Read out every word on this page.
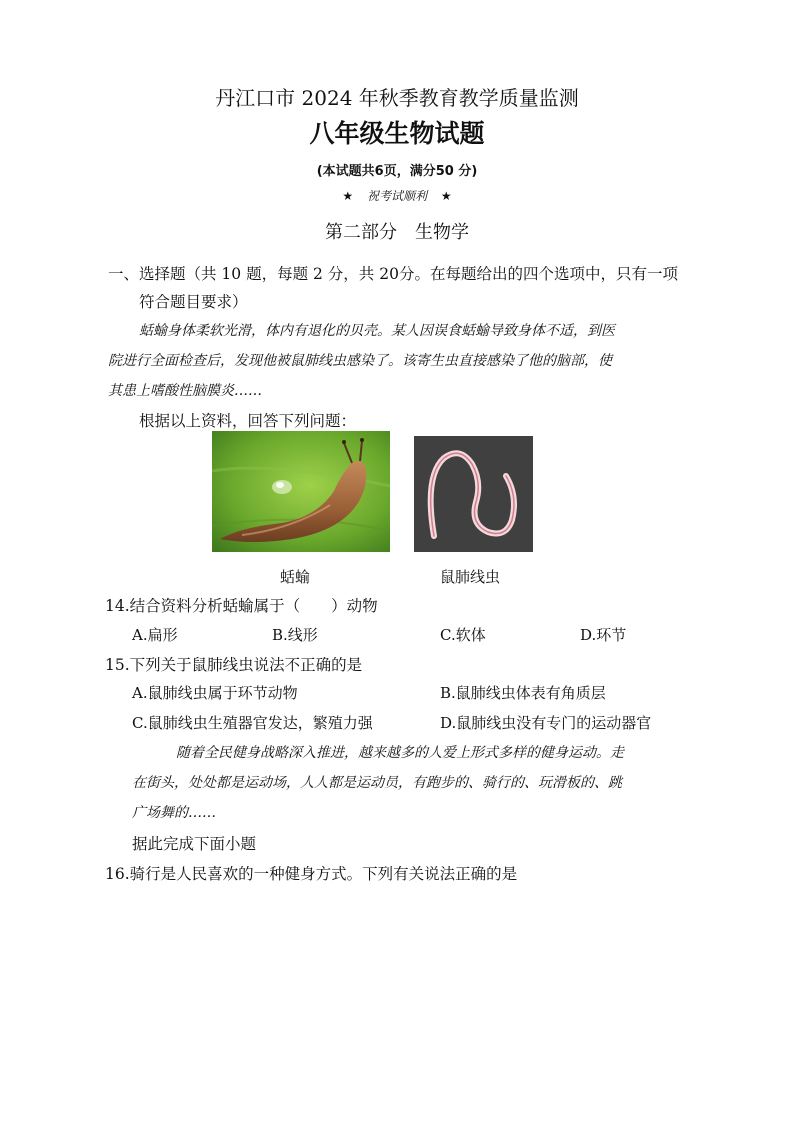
丹江口市 2024 年秋季教育教学质量监测
八年级生物试题
(本试题共6页，满分50 分)
★ 祝考试顺利 ★
第二部分　生物学
一、选择题（共 10 题，每题 2 分，共 20分。在每题给出的四个选项中，只有一项
符合题目要求）
蛞蝓身体柔软光滑，体内有退化的贝壳。某人因误食蛞蝓导致身体不适，到医
院进行全面检查后，发现他被鼠肺线虫感染了。该寄生虫直接感染了他的脑部，使
其患上嗜酸性脑膜炎……
根据以上资料，回答下列问题：
蛞蝓	鼠肺线虫
14.结合资料分析蛞蝓属于（　　）动物
A.扁形	B.线形	C.软体	D.环节
15.下列关于鼠肺线虫说法不正确的是
A.鼠肺线虫属于环节动物	B.鼠肺线虫体表有角质层
C.鼠肺线虫生殖器官发达，繁殖力强	D.鼠肺线虫没有专门的运动器官
随着全民健身战略深入推进，越来越多的人爱上形式多样的健身运动。走
在街头，处处都是运动场，人人都是运动员，有跑步的、骑行的、玩滑板的、跳
广场舞的……
据此完成下面小题
16.骑行是人民喜欢的一种健身方式。下列有关说法正确的是
